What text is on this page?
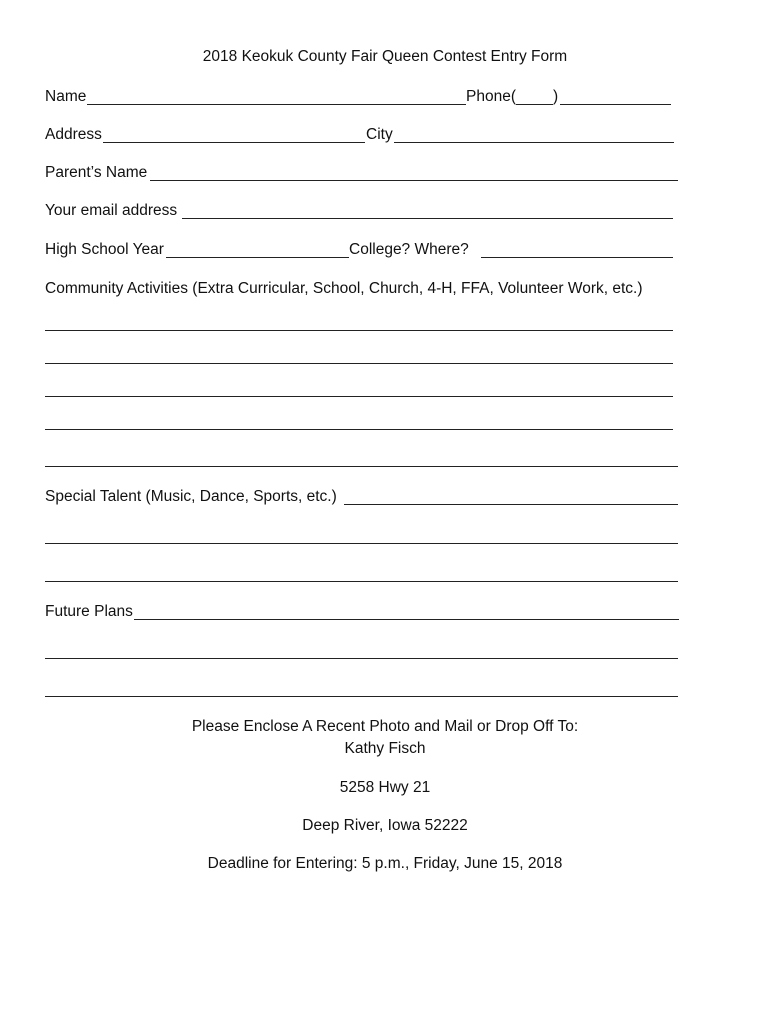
2018 Keokuk County Fair Queen Contest Entry Form
Name	Phone( )
Address	City
Parent’s Name
Your email address
High School Year	College? Where?
Community Activities (Extra Curricular, School, Church, 4-H, FFA, Volunteer Work, etc.)
Special Talent (Music, Dance, Sports, etc.)
Future Plans
Please Enclose A Recent Photo and Mail or Drop Off To:
Kathy Fisch
5258 Hwy 21
Deep River, Iowa 52222
Deadline for Entering: 5 p.m., Friday, June 15, 2018
